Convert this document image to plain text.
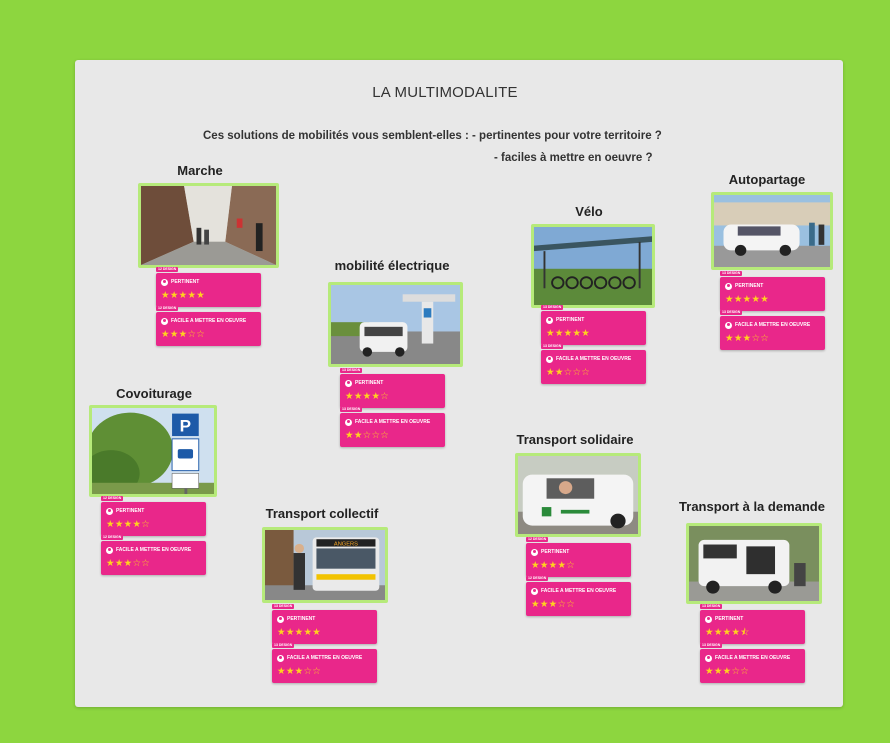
LA MULTIMODALITE
Ces solutions de mobilités vous semblent-elles : - pertinentes pour votre territoire ?
- faciles à mettre en oeuvre ?
Marche
12 DESIGN
PERTINENT
★★★★★
12 DESIGN
FACILE A METTRE EN OEUVRE
★★★☆☆
mobilité électrique
13 DESIGN
PERTINENT
★★★★☆
13 DESIGN
FACILE A METTRE EN OEUVRE
★★☆☆☆
Vélo
13 DESIGN
PERTINENT
★★★★★
13 DESIGN
FACILE A METTRE EN OEUVRE
★★☆☆☆
Autopartage
13 DESIGN
PERTINENT
★★★★★
13 DESIGN
FACILE A METTRE EN OEUVRE
★★★☆☆
Covoiturage
P
12 DESIGN
PERTINENT
★★★★☆
12 DESIGN
FACILE A METTRE EN OEUVRE
★★★☆☆
Transport collectif
ANGERS
13 DESIGN
PERTINENT
★★★★★
13 DESIGN
FACILE A METTRE EN OEUVRE
★★★☆☆
Transport solidaire
12 DESIGN
PERTINENT
★★★★☆
12 DESIGN
FACILE A METTRE EN OEUVRE
★★★☆☆
Transport à la demande
13 DESIGN
PERTINENT
★★★★⯪
13 DESIGN
FACILE A METTRE EN OEUVRE
★★★☆☆
